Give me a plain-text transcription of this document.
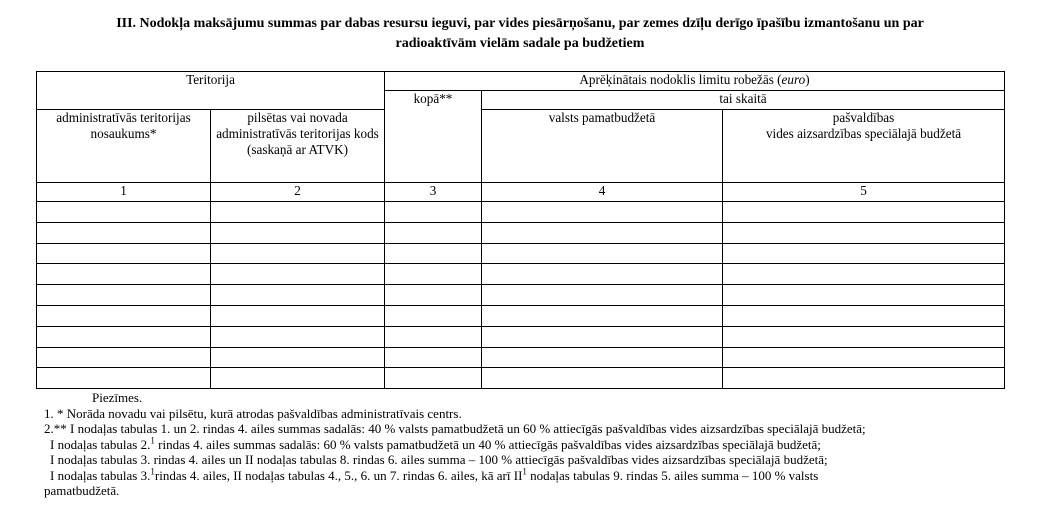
III. Nodokļa maksājumu summas par dabas resursu ieguvi, par vides piesārņošanu, par zemes dzīļu derīgo īpašību izmantošanu un par
radioaktīvām vielām sadale pa budžetiem
Teritorija		Aprēķinātais nodoklis limitu robežās (euro)		
		kopā**	tai skaitā	
administratīvās teritorijas nosaukums*	pilsētas vai novada administratīvās teritorijas kods (saskaņā ar ATVK)		valsts pamatbudžetā	pašvaldības
vides aizsardzības speciālajā budžetā

1	2	3	4	5

Piezīmes.
1. * Norāda novadu vai pilsētu, kurā atrodas pašvaldības administratīvais centrs.
2.** I nodaļas tabulas 1. un 2. rindas 4. ailes summas sadalās: 40 % valsts pamatbudžetā un 60 % attiecīgās pašvaldības vides aizsardzības speciālajā budžetā;
I nodaļas tabulas 2.$^1$ rindas 4. ailes summas sadalās: 60 % valsts pamatbudžetā un 40 % attiecīgās pašvaldības vides aizsardzības speciālajā budžetā;
I nodaļas tabulas 3. rindas 4. ailes un II nodaļas tabulas 8. rindas 6. ailes summa – 100 % attiecīgās pašvaldības vides aizsardzības speciālajā budžetā;
I nodaļas tabulas 3.$^1$rindas 4. ailes, II nodaļas tabulas 4., 5., 6. un 7. rindas 6. ailes, kā arī $II^1$ nodaļas tabulas 9. rindas 5. ailes summa – 100 % valsts
pamatbudžetā.
